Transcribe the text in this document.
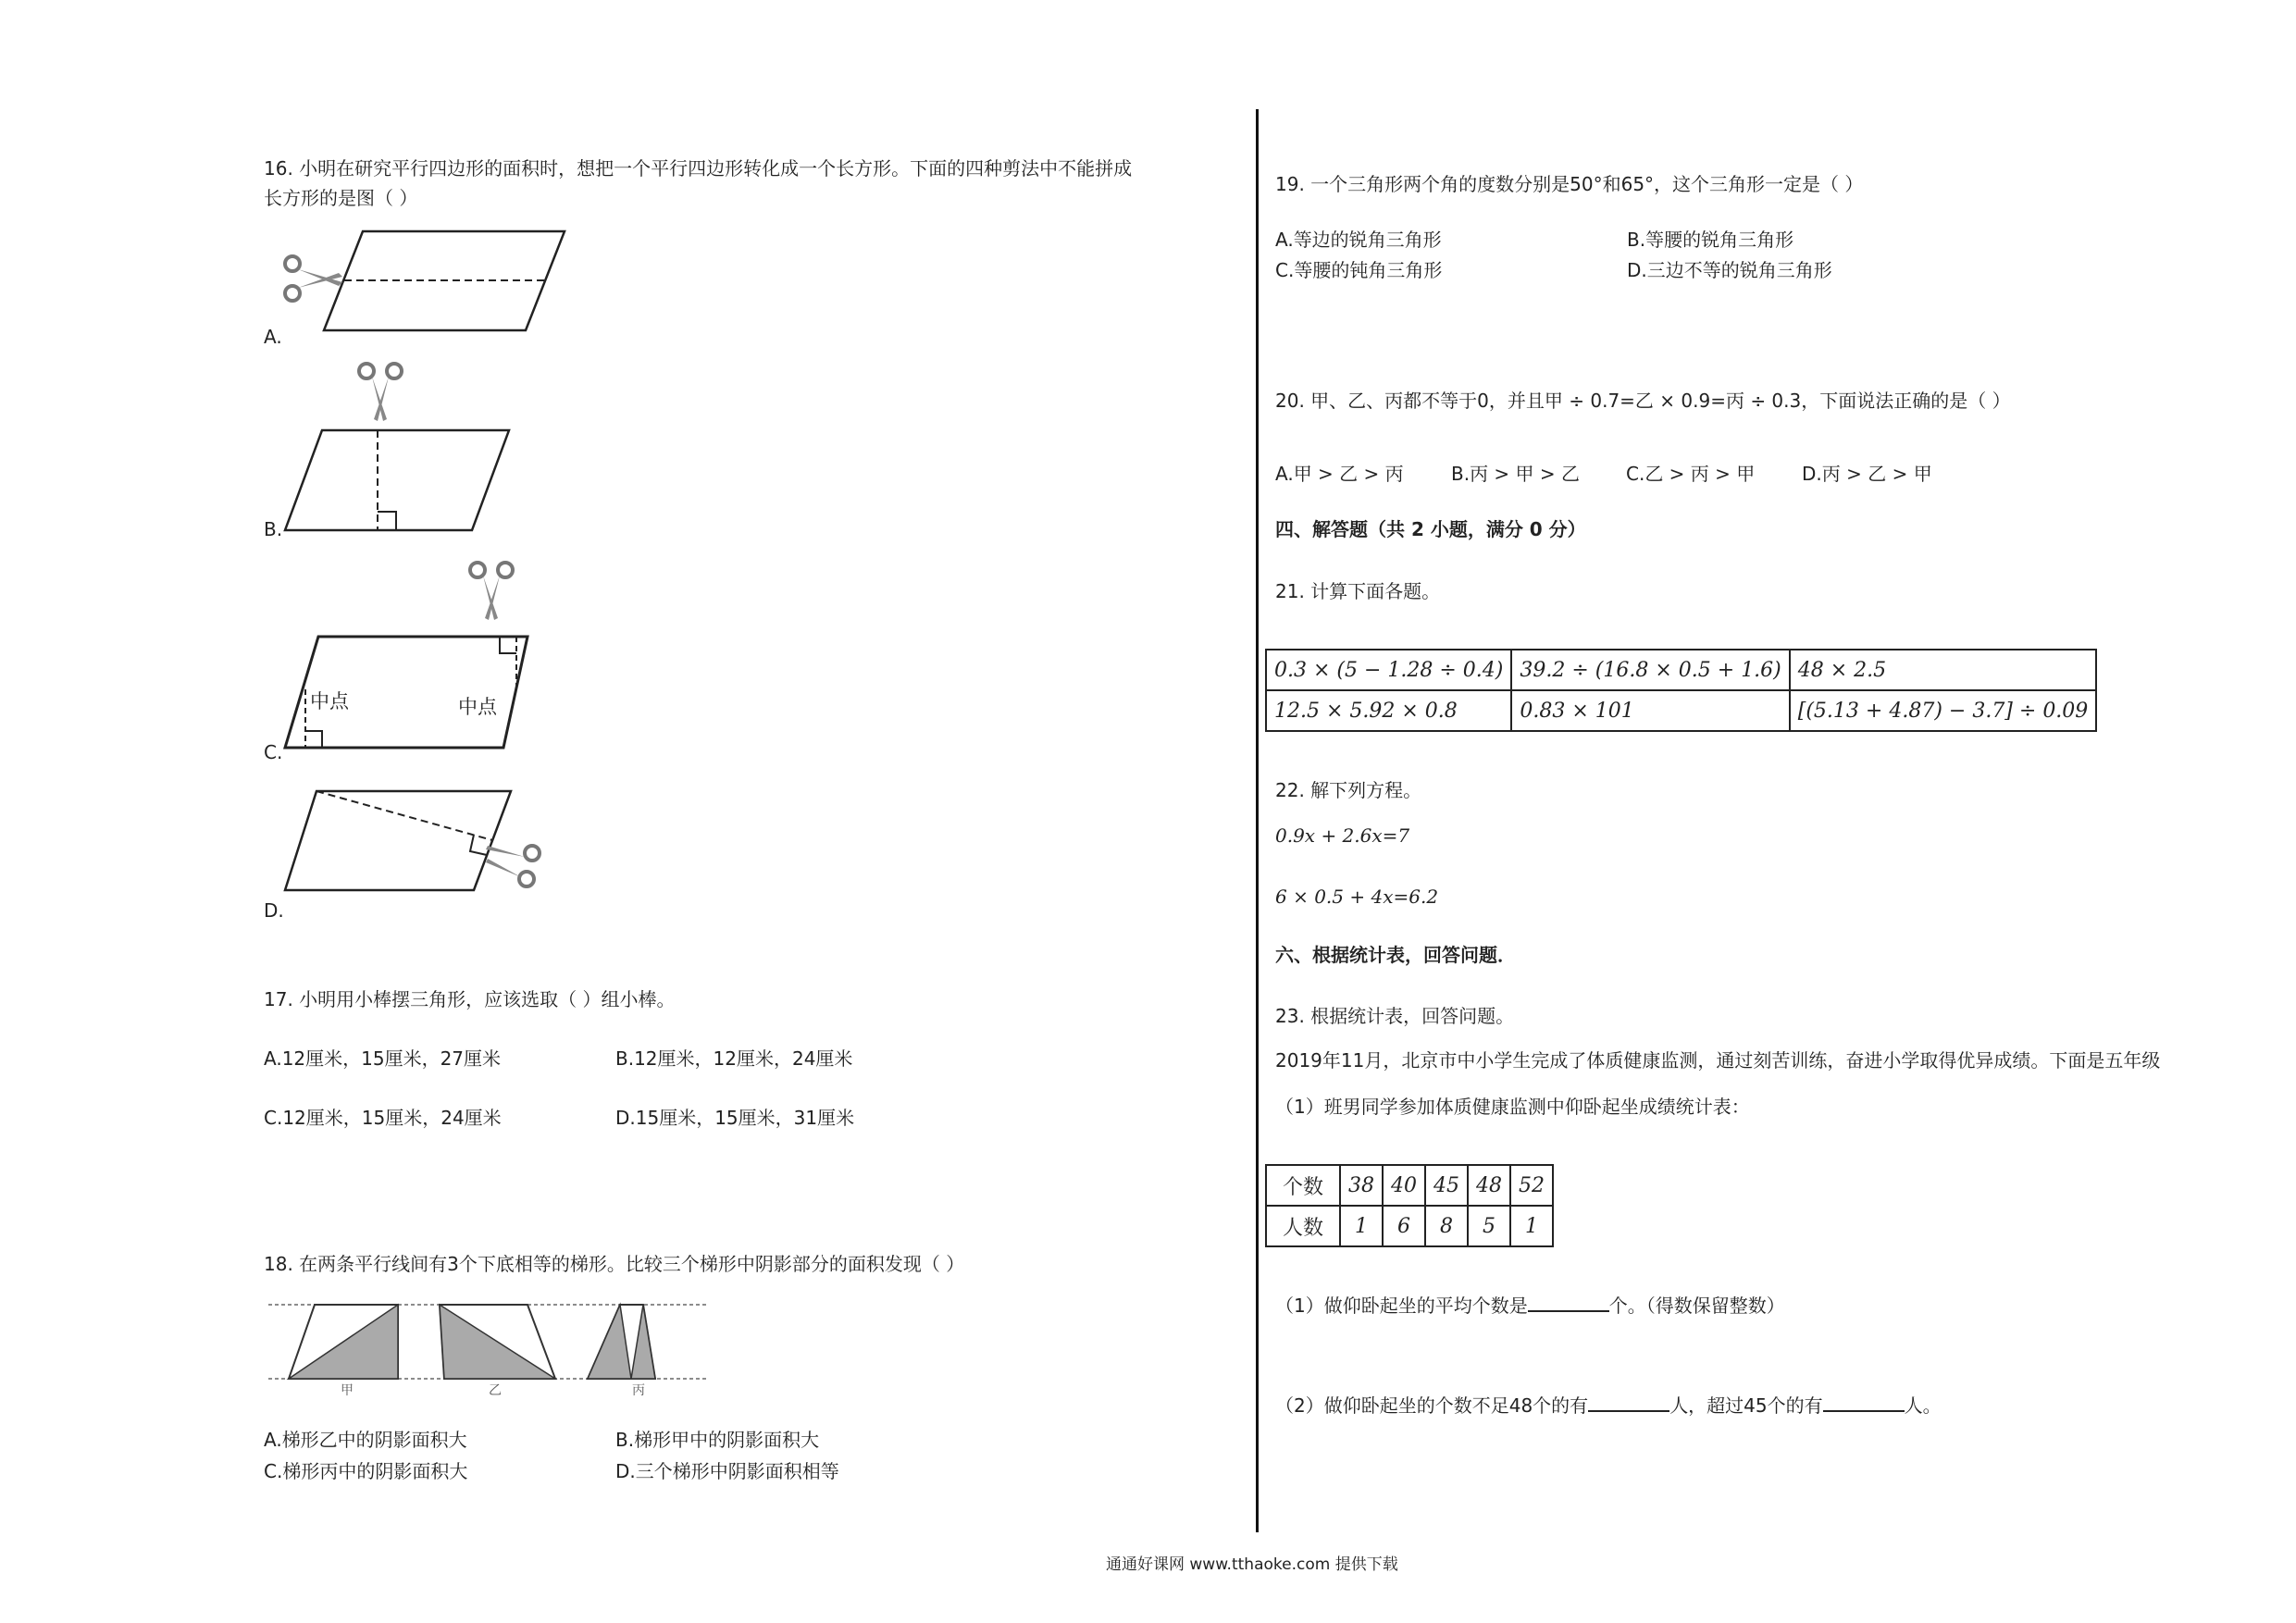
16. 小明在研究平行四边形的面积时，想把一个平行四边形转化成一个长方形。下面的四种剪法中不能拼成
长方形的是图（ ）
A.
B.
中点	中点
C.
D.
17. 小明用小棒摆三角形，应该选取（ ）组小棒。
A.12厘米，15厘米，27厘米	B.12厘米，12厘米，24厘米
C.12厘米，15厘米，24厘米	D.15厘米，15厘米，31厘米
18. 在两条平行线间有3个下底相等的梯形。比较三个梯形中阴影部分的面积发现（ ）
甲	乙	丙
A.梯形乙中的阴影面积大	B.梯形甲中的阴影面积大
C.梯形丙中的阴影面积大	D.三个梯形中阴影面积相等
19. 一个三角形两个角的度数分别是50°和65°，这个三角形一定是（ ）
A.等边的锐角三角形	B.等腰的锐角三角形
C.等腰的钝角三角形	D.三边不等的锐角三角形
20. 甲、乙、丙都不等于0，并且甲 ÷ 0.7=乙 × 0.9=丙 ÷ 0.3，下面说法正确的是（ ）
A.甲 > 乙 > 丙	B.丙 > 甲 > 乙 C.乙 > 丙 > 甲	D.丙 > 乙 > 甲
四、解答题（共 2 小题，满分 0 分）
21. 计算下面各题。
0.3 × (5 − 1.28 ÷ 0.4)	39.2 ÷ (16.8 × 0.5 + 1.6)	48 × 2.5
12.5 × 5.92 × 0.8	0.83 × 101	[(5.13 + 4.87) − 3.7] ÷ 0.09
22. 解下列方程。
0.9x + 2.6x=7
6 × 0.5 + 4x=6.2
六、根据统计表，回答问题．
23. 根据统计表，回答问题。
2019年11月，北京市中小学生完成了体质健康监测，通过刻苦训练，奋进小学取得优异成绩。下面是五年级
（1）班男同学参加体质健康监测中仰卧起坐成绩统计表：
个数	38	40	45	48	52
人数	1	6	8	5	1
（1）做仰卧起坐的平均个数是	个。（得数保留整数）
（2）做仰卧起坐的个数不足48个的有	人，超过45个的有	人。
通通好课网 www.tthaoke.com 提供下载
